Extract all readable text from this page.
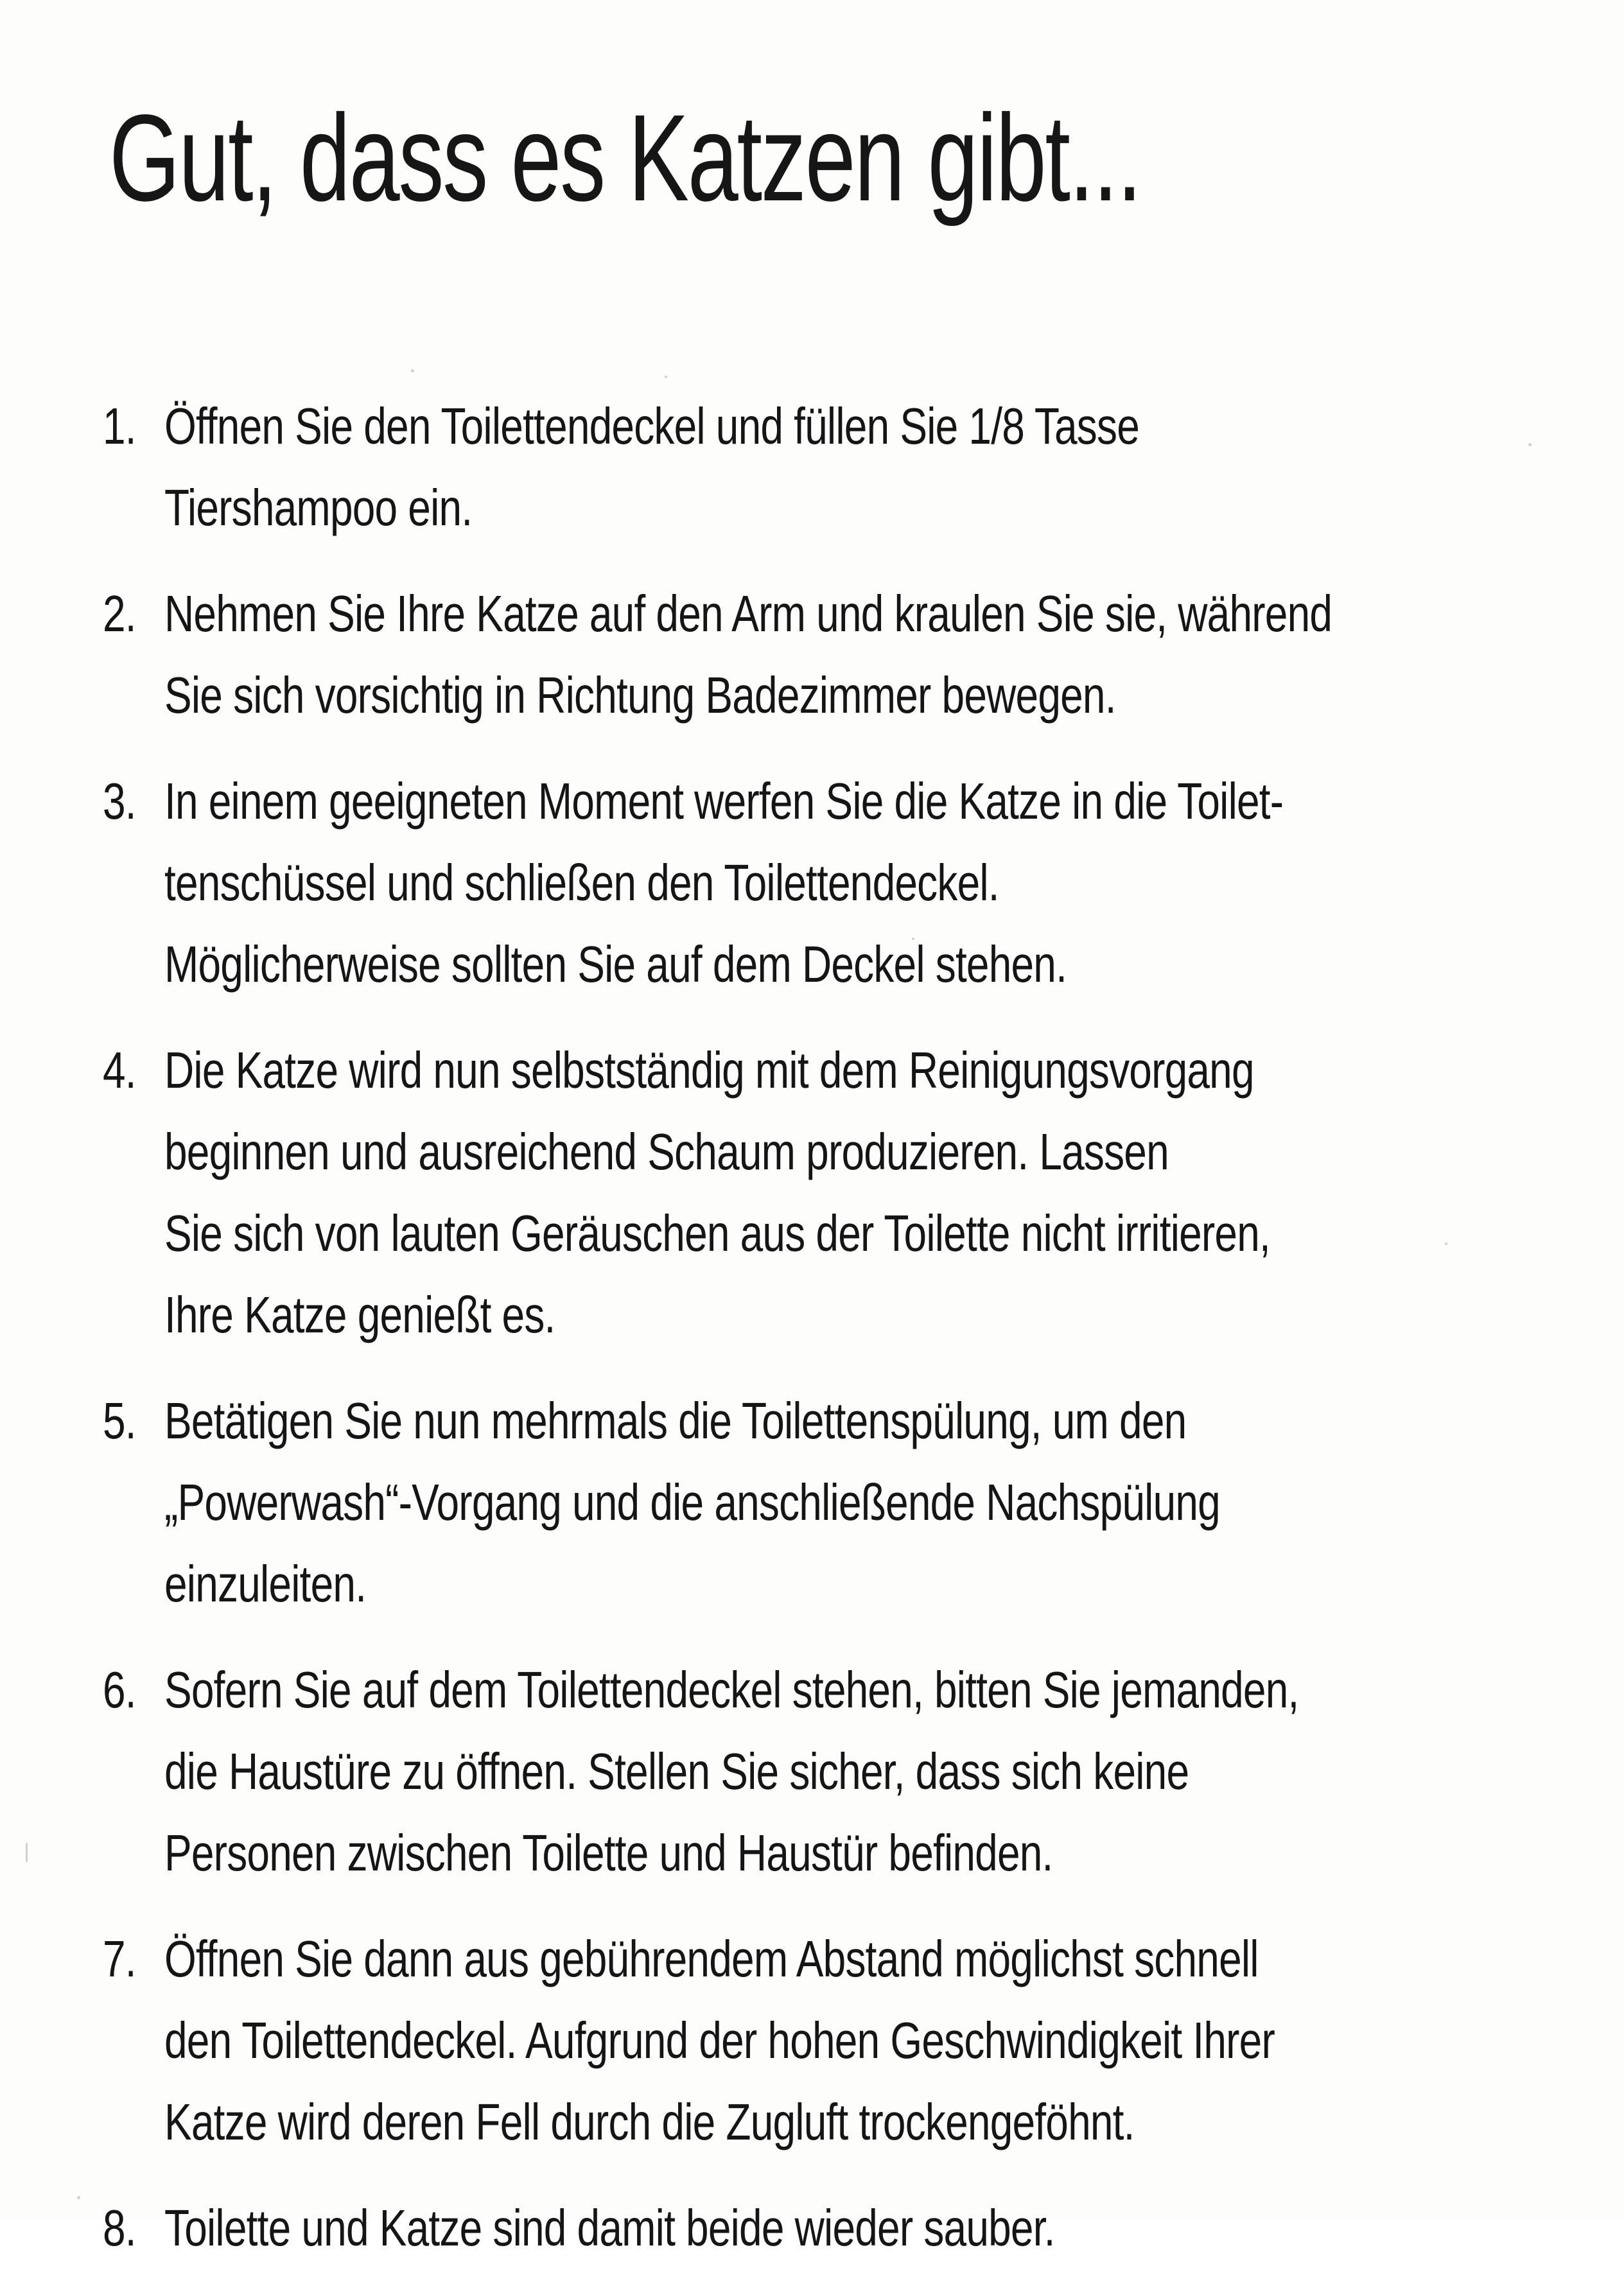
Gut, dass es Katzen gibt...
1. Öffnen Sie den Toilettendeckel und füllen Sie 1/8 Tasse
Tiershampoo ein.
2. Nehmen Sie Ihre Katze auf den Arm und kraulen Sie sie, während
Sie sich vorsichtig in Richtung Badezimmer bewegen.
3. In einem geeigneten Moment werfen Sie die Katze in die Toilet-
tenschüssel und schließen den Toilettendeckel.
Möglicherweise sollten Sie auf dem Deckel stehen.
4. Die Katze wird nun selbstständig mit dem Reinigungsvorgang
beginnen und ausreichend Schaum produzieren. Lassen
Sie sich von lauten Geräuschen aus der Toilette nicht irritieren,
Ihre Katze genießt es.
5. Betätigen Sie nun mehrmals die Toilettenspülung, um den
„Powerwash“-Vorgang und die anschließende Nachspülung
einzuleiten.
6. Sofern Sie auf dem Toilettendeckel stehen, bitten Sie jemanden,
die Haustüre zu öffnen. Stellen Sie sicher, dass sich keine
Personen zwischen Toilette und Haustür befinden.
7. Öffnen Sie dann aus gebührendem Abstand möglichst schnell
den Toilettendeckel. Aufgrund der hohen Geschwindigkeit Ihrer
Katze wird deren Fell durch die Zugluft trockengeföhnt.
8. Toilette und Katze sind damit beide wieder sauber.
